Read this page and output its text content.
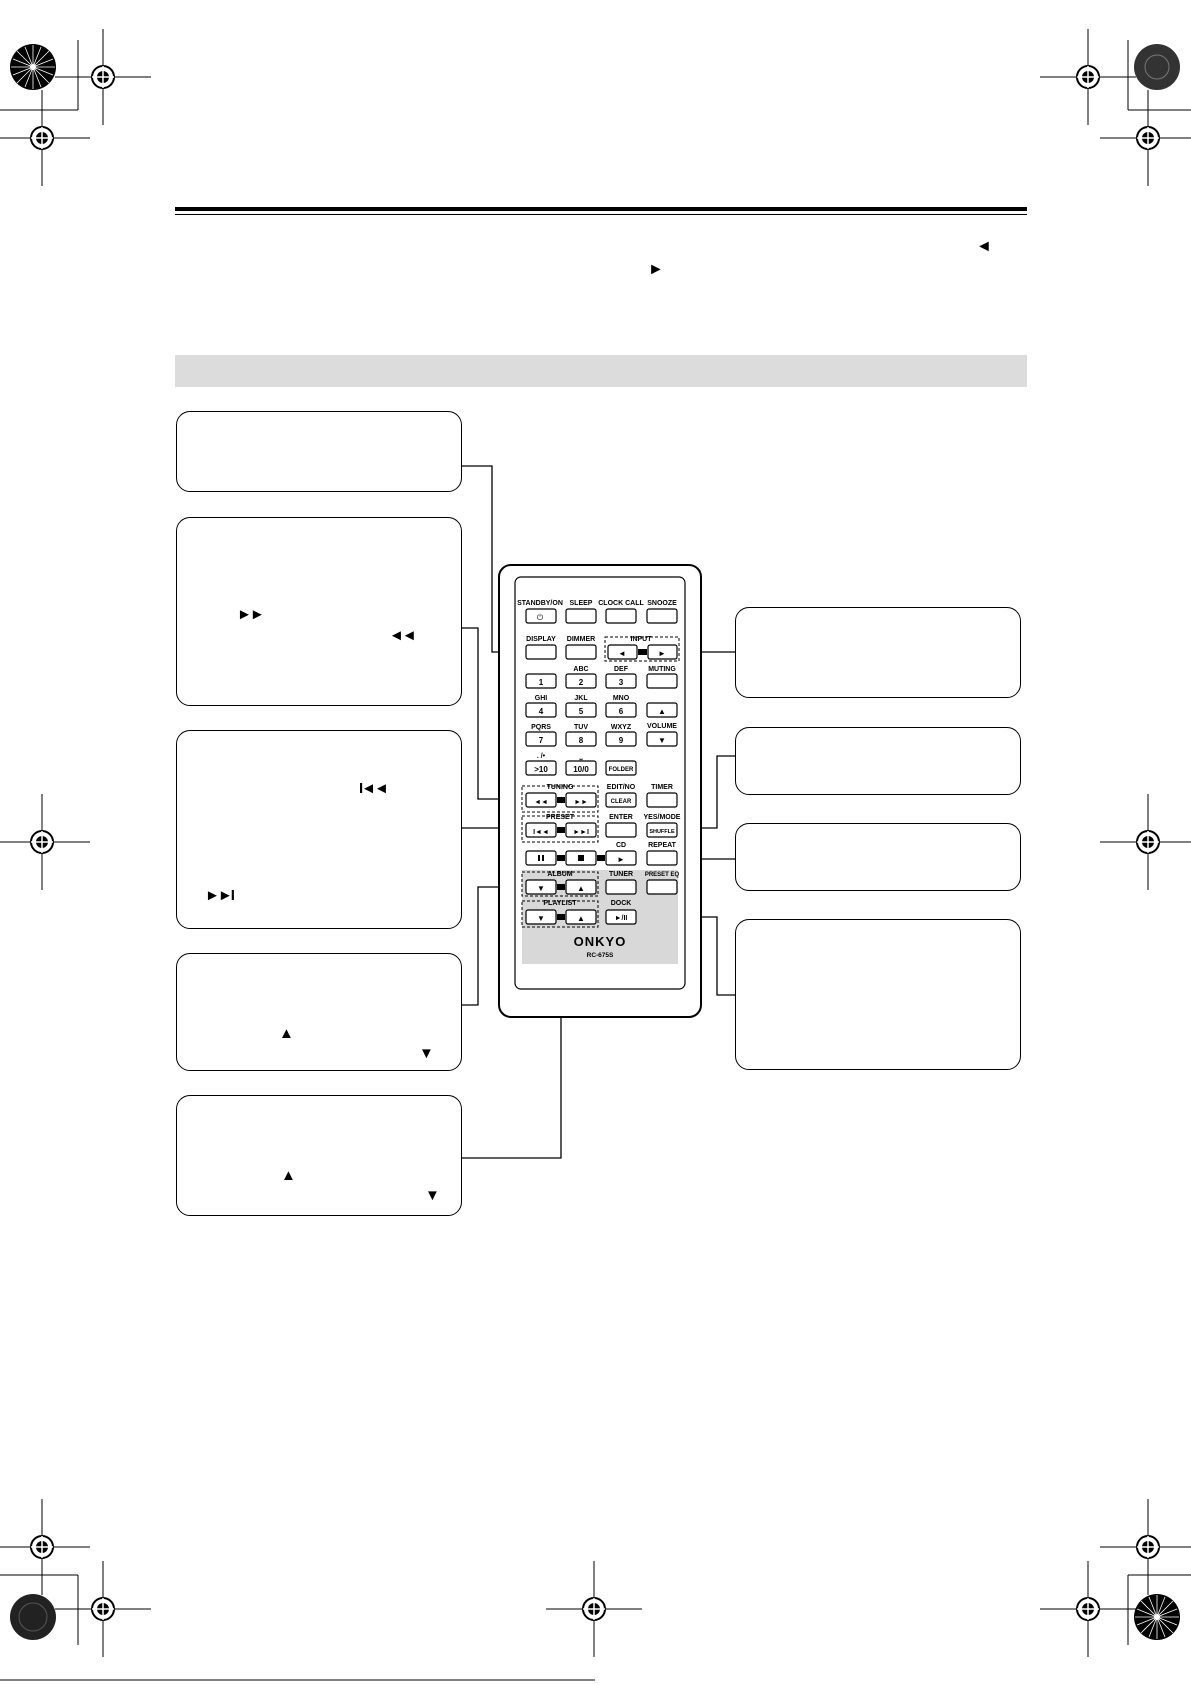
◄
►
►►
◄◄
I◄◄
►►I
▲
▼
▲
▼
STANDBY/ON SLEEP CLOCK CALL SNOOZE
⏻
DISPLAY DIMMER	INPUT
◄	►
DEF
ABC	MUTING
GHI	JKL	MNO
PQRS	TUV	WXYZ VOLUME
. /•	⎵
1	2	3
4	5	6
7	8	9
>10	10/0	FOLDER
▲
▼
TUNING	EDIT/NO TIMER
◄◄	►►	CLEAR
PRESET	ENTER YES/MODE
I◄◄	►►I	SHUFFLE
CD	REPEAT
►
ALBUM	TUNER PRESET EQ
▼	▲
PLAYLIST	DOCK
▼	▲	►/II
ONKYO
RC-675S
